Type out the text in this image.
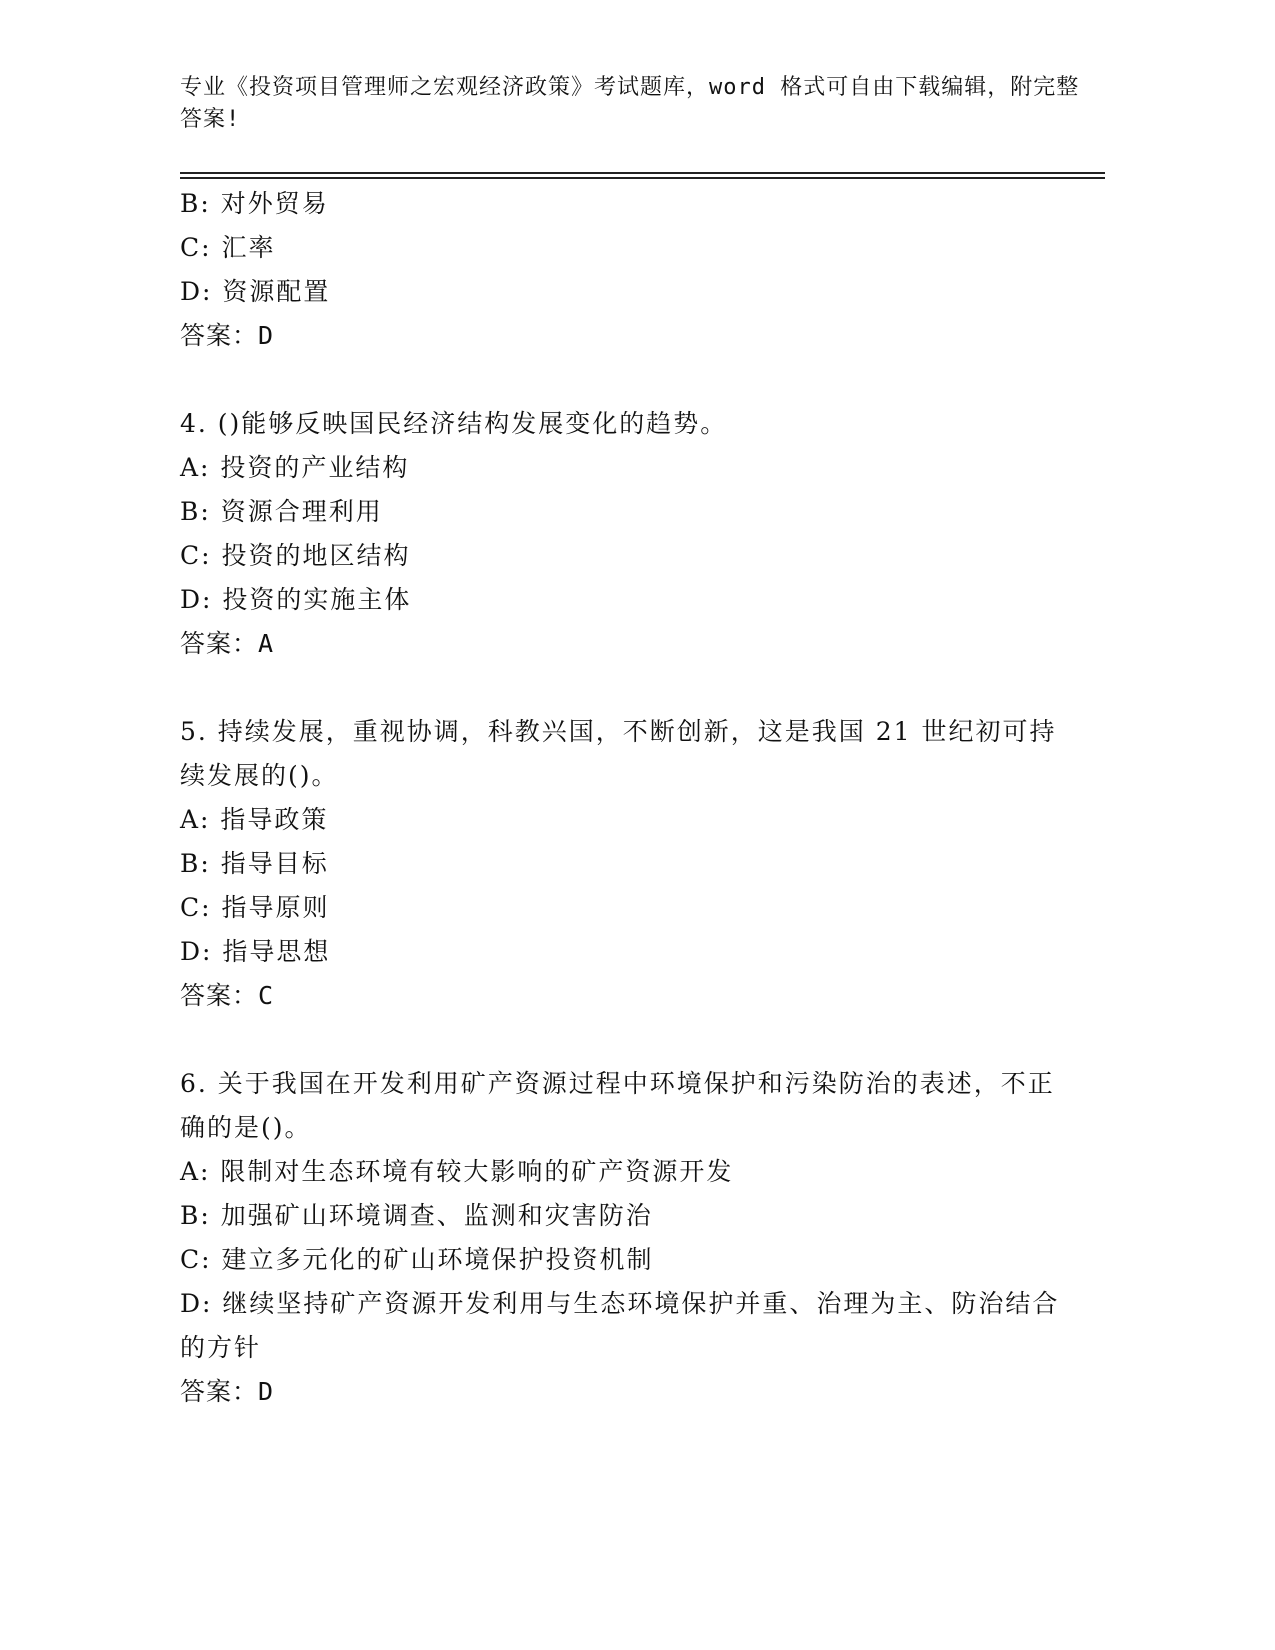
专业《投资项目管理师之宏观经济政策》考试题库，word 格式可自由下载编辑，附完整答案!
B: 对外贸易
C: 汇率
D: 资源配置
答案：D
4. ()能够反映国民经济结构发展变化的趋势。
A: 投资的产业结构
B: 资源合理利用
C: 投资的地区结构
D: 投资的实施主体
答案：A
5. 持续发展，重视协调，科教兴国，不断创新，这是我国 21 世纪初可持续发展的()。
A: 指导政策
B: 指导目标
C: 指导原则
D: 指导思想
答案：C
6. 关于我国在开发利用矿产资源过程中环境保护和污染防治的表述，不正确的是()。
A: 限制对生态环境有较大影响的矿产资源开发
B: 加强矿山环境调查、监测和灾害防治
C: 建立多元化的矿山环境保护投资机制
D: 继续坚持矿产资源开发利用与生态环境保护并重、治理为主、防治结合的方针
答案：D
